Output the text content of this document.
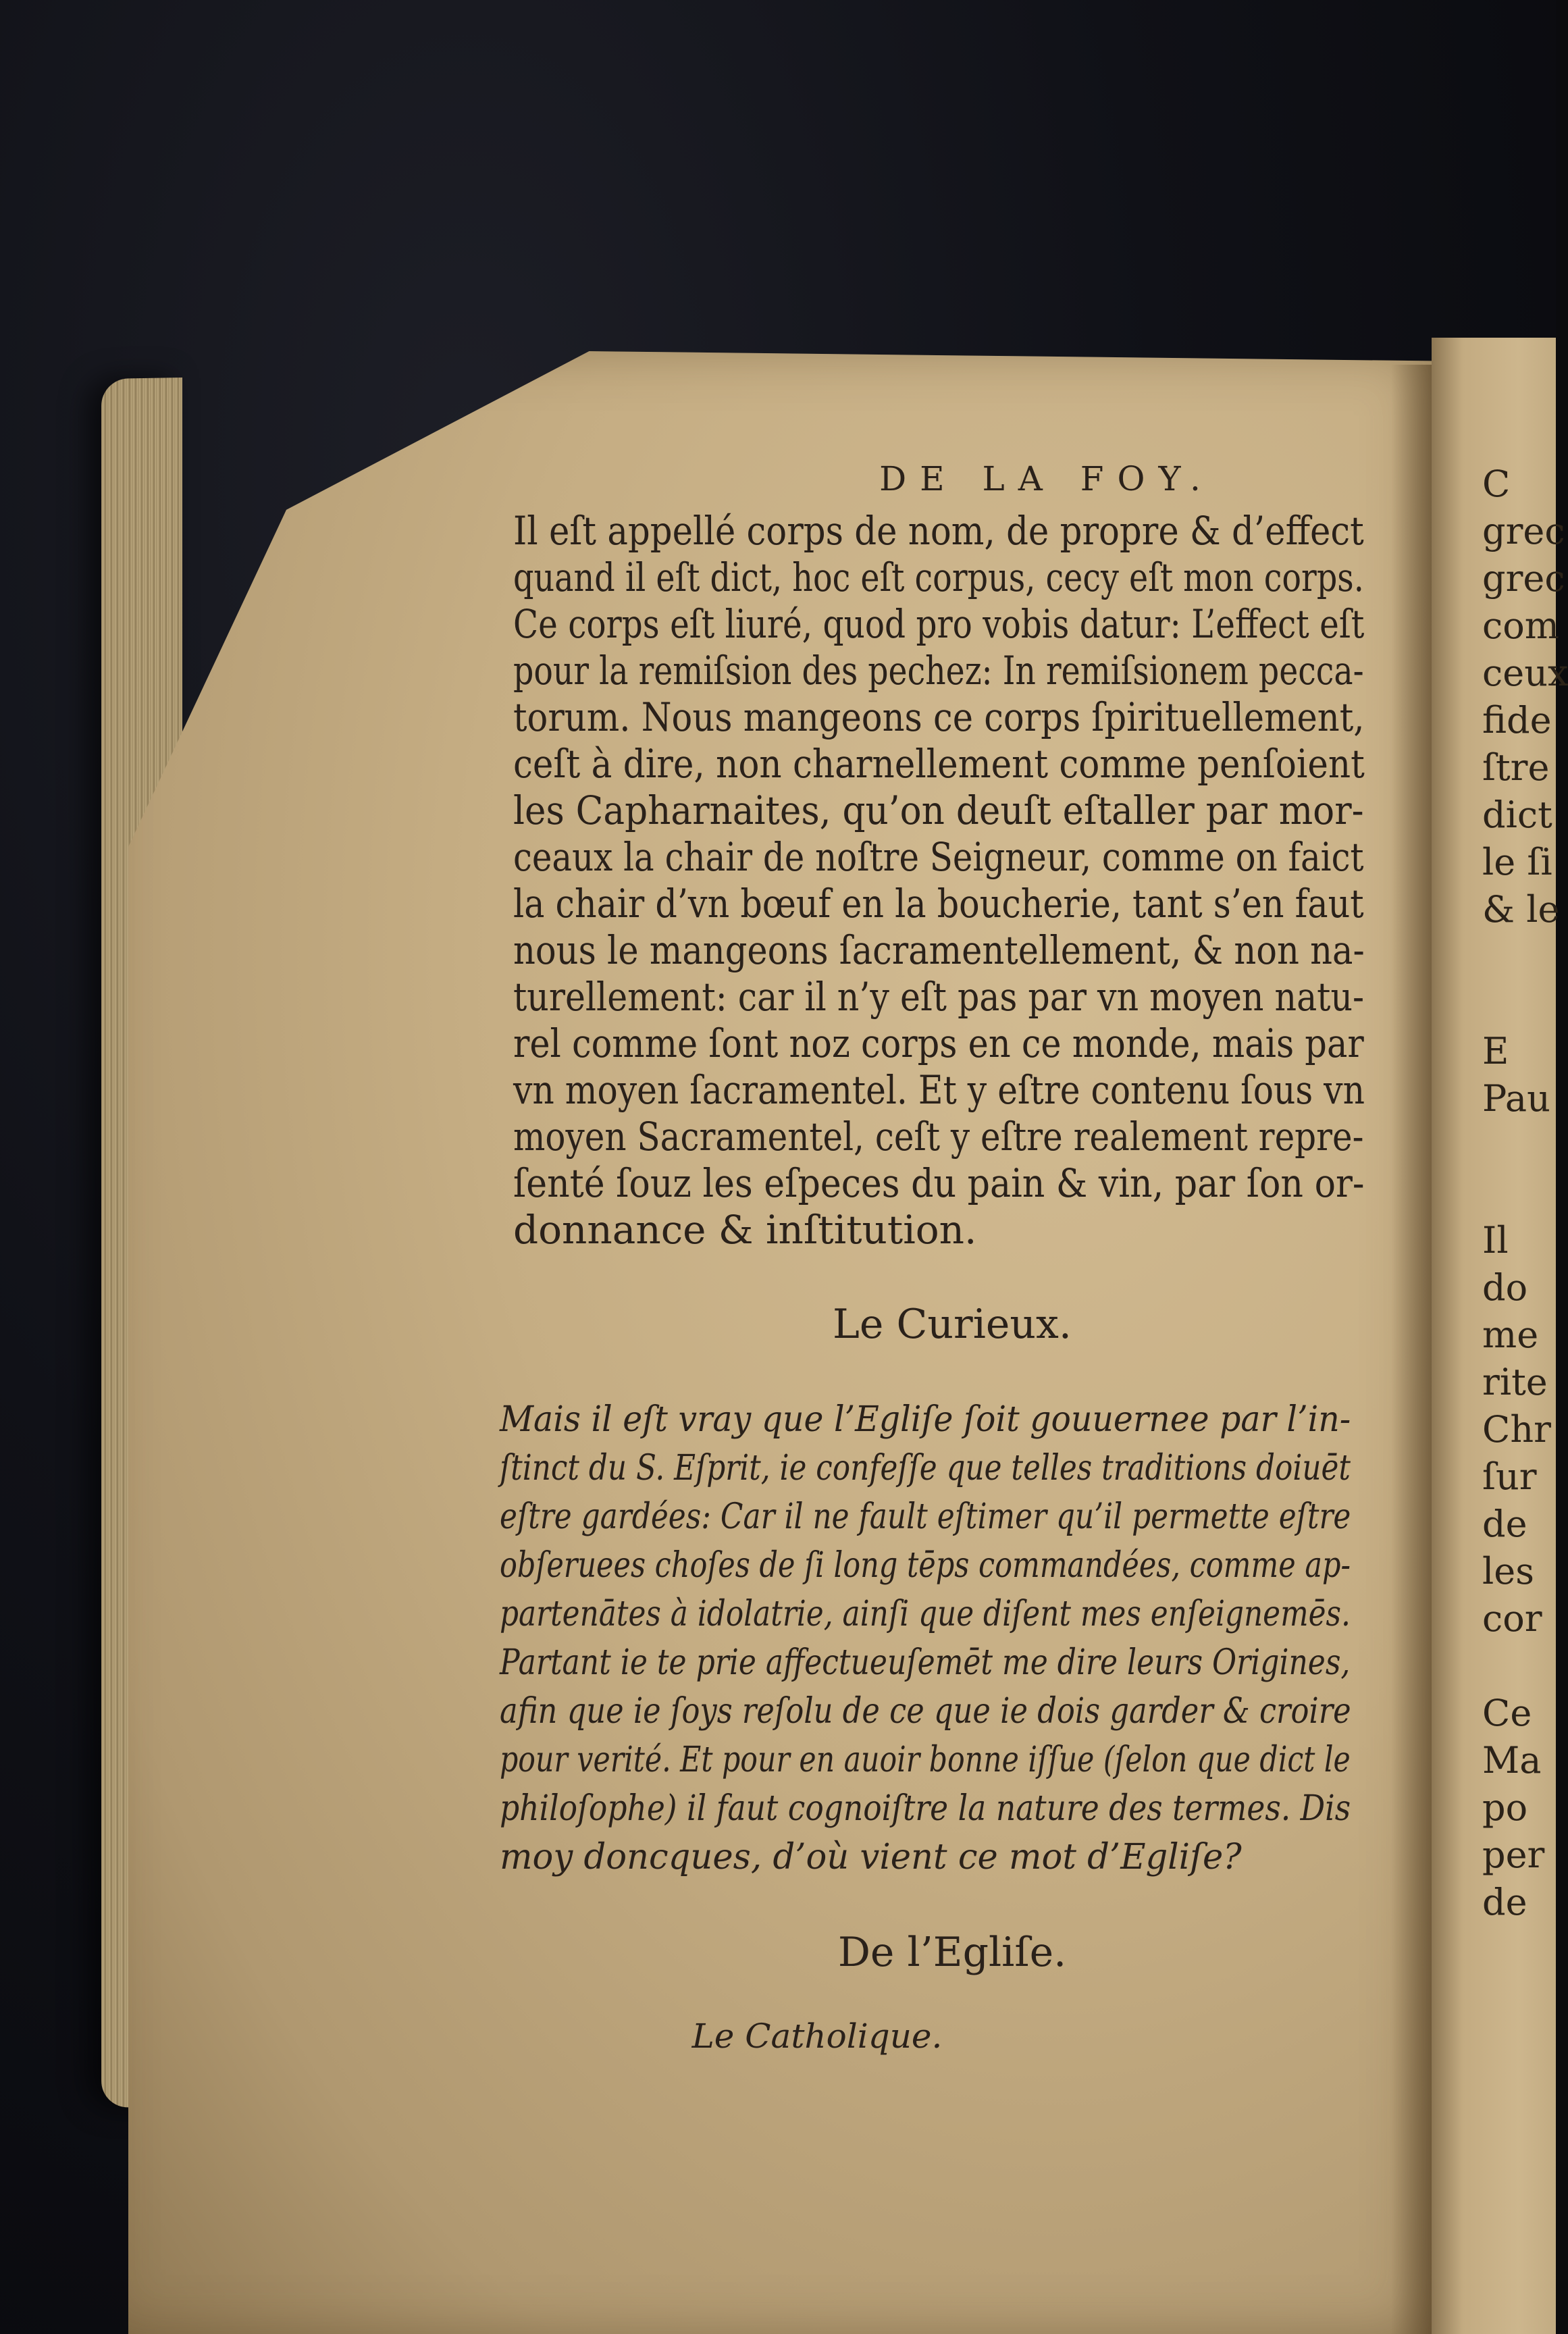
C
grec
grec
com
ceux
fide
ſtre
dict
le ſi
& le
E
Pau
Il
do
me
rite
Chr
ſur
de
les
cor
Ce
Ma
po
per
de
DE LA FOY.
Il eſt appellé corps de nom, de propre & d’effect
quand il eſt dict, hoc eſt corpus, cecy eſt mon corps.
Ce corps eſt liuré, quod pro vobis datur: L’effect eſt
pour la remiſsion des pechez: In remiſsionem pecca-
torum. Nous mangeons ce corps ſpirituellement,
ceſt à dire, non charnellement comme penſoient
les Capharnaites, qu’on deuſt eſtaller par mor-
ceaux la chair de noſtre Seigneur, comme on faict
la chair d’vn bœuf en la boucherie, tant s’en faut
nous le mangeons ſacramentellement, & non na-
turellement: car il n’y eſt pas par vn moyen natu-
rel comme ſont noz corps en ce monde, mais par
vn moyen ſacramentel. Et y eſtre contenu ſous vn
moyen Sacramentel, ceſt y eſtre realement repre-
ſenté ſouz les eſpeces du pain & vin, par ſon or-
donnance & inſtitution.
Le Curieux.
Mais il eſt vray que l’Egliſe ſoit gouuernee par l’in-
ſtinct du S. Eſprit, ie confeſſe que telles traditions doiuēt
eſtre gardées: Car il ne fault eſtimer qu’il permette eſtre
obſeruees choſes de ſi long tēps commandées, comme ap-
partenātes à idolatrie, ainſi que diſent mes enſeignemēs.
Partant ie te prie affectueuſemēt me dire leurs Origines,
afin que ie ſoys reſolu de ce que ie dois garder & croire
pour verité. Et pour en auoir bonne iſſue (ſelon que dict le
philoſophe) il faut cognoiſtre la nature des termes. Dis
moy doncques, d’où vient ce mot d’Egliſe?
De l’Egliſe.
Le Catholique.
